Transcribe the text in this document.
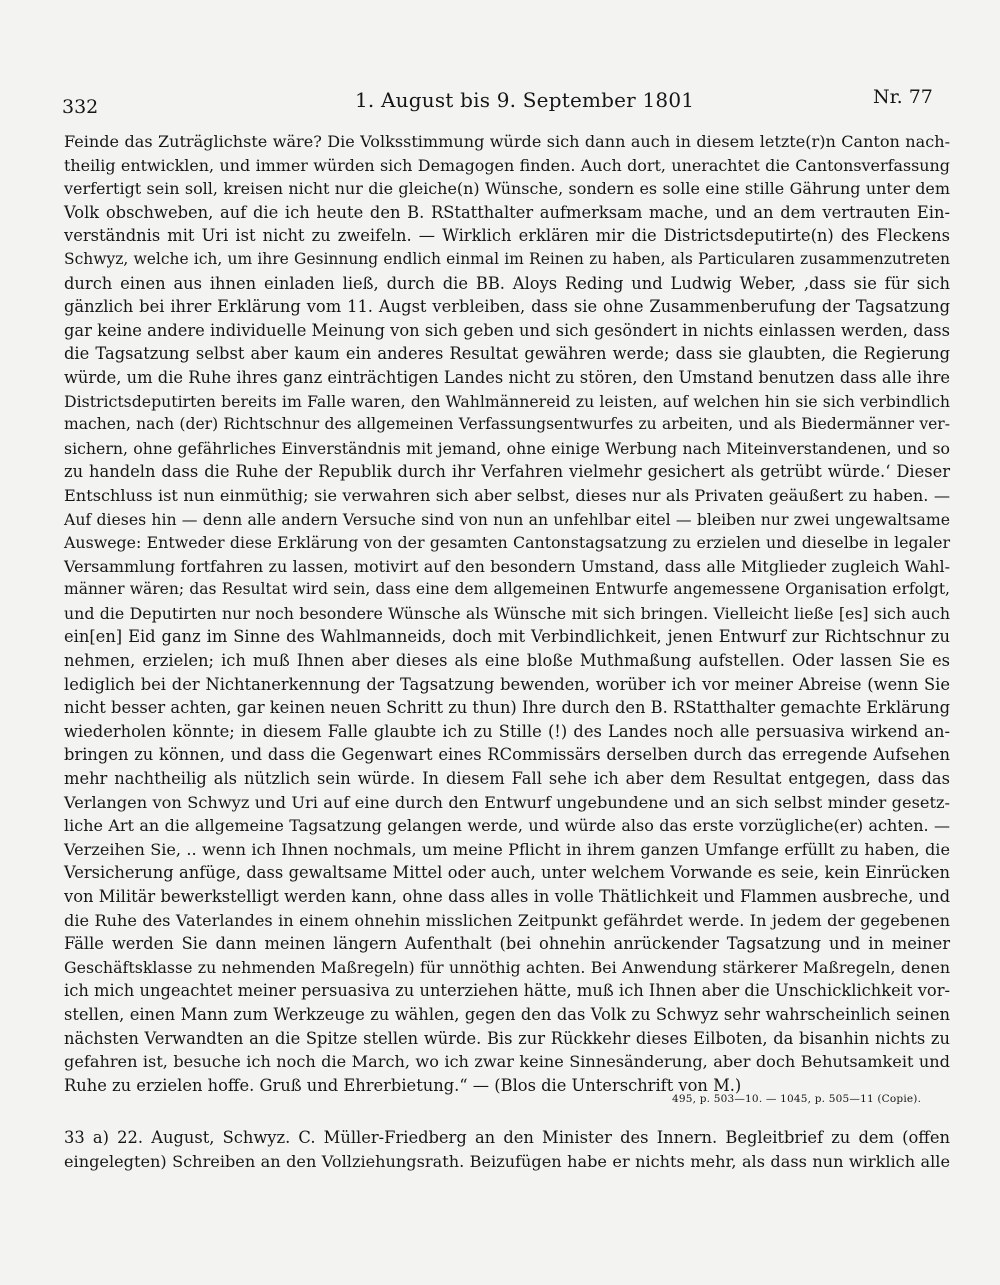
332	1. August bis 9. September 1801	Nr. 77
Feinde das Zuträglichste wäre? Die Volksstimmung würde sich dann auch in diesem letzte(r)n Canton nach-
theilig entwicklen, und immer würden sich Demagogen finden. Auch dort, unerachtet die Cantonsverfassung
verfertigt sein soll, kreisen nicht nur die gleiche(n) Wünsche, sondern es solle eine stille Gährung unter dem
Volk obschweben, auf die ich heute den B. RStatthalter aufmerksam mache, und an dem vertrauten Ein-
verständnis mit Uri ist nicht zu zweifeln. — Wirklich erklären mir die Districtsdeputirte(n) des Fleckens
Schwyz, welche ich, um ihre Gesinnung endlich einmal im Reinen zu haben, als Particularen zusammenzutreten
durch einen aus ihnen einladen ließ, durch die BB. Aloys Reding und Ludwig Weber, ‚dass sie für sich
gänzlich bei ihrer Erklärung vom 11. Augst verbleiben, dass sie ohne Zusammenberufung der Tagsatzung
gar keine andere individuelle Meinung von sich geben und sich gesöndert in nichts einlassen werden, dass
die Tagsatzung selbst aber kaum ein anderes Resultat gewähren werde; dass sie glaubten, die Regierung
würde, um die Ruhe ihres ganz einträchtigen Landes nicht zu stören, den Umstand benutzen dass alle ihre
Districtsdeputirten bereits im Falle waren, den Wahlmännereid zu leisten, auf welchen hin sie sich verbindlich
machen, nach (der) Richtschnur des allgemeinen Verfassungsentwurfes zu arbeiten, und als Biedermänner ver-
sichern, ohne gefährliches Einverständnis mit jemand, ohne einige Werbung nach Miteinverstandenen, und so
zu handeln dass die Ruhe der Republik durch ihr Verfahren vielmehr gesichert als getrübt würde.‘ Dieser
Entschluss ist nun einmüthig; sie verwahren sich aber selbst, dieses nur als Privaten geäußert zu haben. —
Auf dieses hin — denn alle andern Versuche sind von nun an unfehlbar eitel — bleiben nur zwei ungewaltsame
Auswege: Entweder diese Erklärung von der gesamten Cantonstagsatzung zu erzielen und dieselbe in legaler
Versammlung fortfahren zu lassen, motivirt auf den besondern Umstand, dass alle Mitglieder zugleich Wahl-
männer wären; das Resultat wird sein, dass eine dem allgemeinen Entwurfe angemessene Organisation erfolgt,
und die Deputirten nur noch besondere Wünsche als Wünsche mit sich bringen. Vielleicht ließe [es] sich auch
ein[en] Eid ganz im Sinne des Wahlmanneids, doch mit Verbindlichkeit, jenen Entwurf zur Richtschnur zu
nehmen, erzielen; ich muß Ihnen aber dieses als eine bloße Muthmaßung aufstellen. Oder lassen Sie es
lediglich bei der Nichtanerkennung der Tagsatzung bewenden, worüber ich vor meiner Abreise (wenn Sie
nicht besser achten, gar keinen neuen Schritt zu thun) Ihre durch den B. RStatthalter gemachte Erklärung
wiederholen könnte; in diesem Falle glaubte ich zu Stille (!) des Landes noch alle persuasiva wirkend an-
bringen zu können, und dass die Gegenwart eines RCommissärs derselben durch das erregende Aufsehen
mehr nachtheilig als nützlich sein würde. In diesem Fall sehe ich aber dem Resultat entgegen, dass das
Verlangen von Schwyz und Uri auf eine durch den Entwurf ungebundene und an sich selbst minder gesetz-
liche Art an die allgemeine Tagsatzung gelangen werde, und würde also das erste vorzügliche(er) achten. —
Verzeihen Sie, .. wenn ich Ihnen nochmals, um meine Pflicht in ihrem ganzen Umfange erfüllt zu haben, die
Versicherung anfüge, dass gewaltsame Mittel oder auch, unter welchem Vorwande es seie, kein Einrücken
von Militär bewerkstelligt werden kann, ohne dass alles in volle Thätlichkeit und Flammen ausbreche, und
die Ruhe des Vaterlandes in einem ohnehin misslichen Zeitpunkt gefährdet werde. In jedem der gegebenen
Fälle werden Sie dann meinen längern Aufenthalt (bei ohnehin anrückender Tagsatzung und in meiner
Geschäftsklasse zu nehmenden Maßregeln) für unnöthig achten. Bei Anwendung stärkerer Maßregeln, denen
ich mich ungeachtet meiner persuasiva zu unterziehen hätte, muß ich Ihnen aber die Unschicklichkeit vor-
stellen, einen Mann zum Werkzeuge zu wählen, gegen den das Volk zu Schwyz sehr wahrscheinlich seinen
nächsten Verwandten an die Spitze stellen würde. Bis zur Rückkehr dieses Eilboten, da bisanhin nichts zu
gefahren ist, besuche ich noch die March, wo ich zwar keine Sinnesänderung, aber doch Behutsamkeit und
Ruhe zu erzielen hoffe. Gruß und Ehrerbietung.“ — (Blos die Unterschrift von M.)
495, p. 503—10. — 1045, p. 505—11 (Copie).
33 a) 22. August, Schwyz. C. Müller-Friedberg an den Minister des Innern. Begleitbrief zu dem (offen
eingelegten) Schreiben an den Vollziehungsrath. Beizufügen habe er nichts mehr, als dass nun wirklich alle
